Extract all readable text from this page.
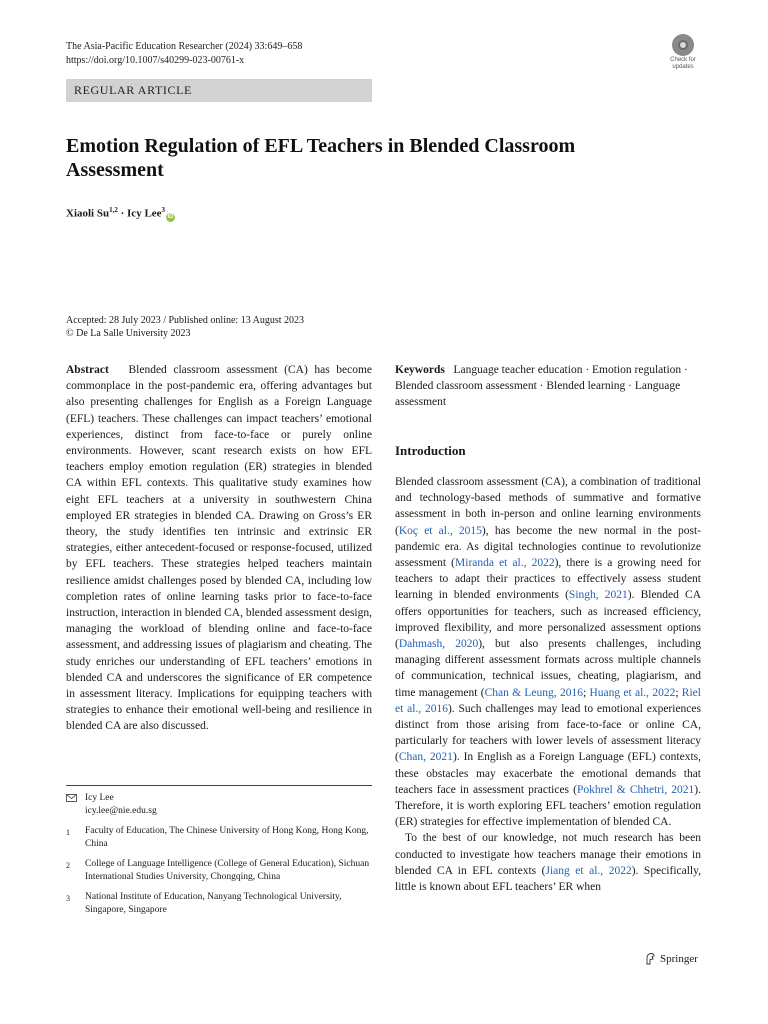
The Asia-Pacific Education Researcher (2024) 33:649–658
https://doi.org/10.1007/s40299-023-00761-x	Check for
updates
REGULAR ARTICLE
Emotion Regulation of EFL Teachers in Blended Classroom Assessment
Xiaoli Su$^{1,2}$ · Icy Lee$^3$iD
Accepted: 28 July 2023 / Published online: 13 August 2023
© De La Salle University 2023
Abstract Blended classroom assessment (CA) has become commonplace in the post-pandemic era, offering advantages but also presenting challenges for English as a Foreign Language (EFL) teachers. These challenges can impact teachers’ emotional experiences, distinct from face-to-face or purely online environments. However, scant research exists on how EFL teachers employ emotion regulation (ER) strategies in blended CA within EFL contexts. This qualitative study examines how eight EFL teachers at a university in southwestern China employed ER strategies in blended CA. Drawing on Gross’s ER theory, the study identifies ten intrinsic and extrinsic ER strategies, either antecedent-focused or response-focused, utilized by EFL teachers. These strategies helped teachers maintain resilience amidst challenges posed by blended CA, including low completion rates of online learning tasks prior to face-to-face instruction, interaction in blended CA, blended assessment design, managing the workload of blending online and face-to-face assessment, and addressing issues of plagiarism and cheating. The study enriches our understanding of EFL teachers’ emotions in blended CA and underscores the significance of ER competence in assessment literacy. Implications for equipping teachers with strategies to enhance their emotional well-being and resilience in blended CA are also discussed.
Keywords Language teacher education · Emotion regulation · Blended classroom assessment · Blended learning · Language assessment
Introduction

Blended classroom assessment (CA), a combination of traditional and technology-based methods of summative and formative assessment in both in-person and online learning environments (Koç et al., 2015), has become the new normal in the post-pandemic era. As digital technologies continue to revolutionize assessment (Miranda et al., 2022), there is a growing need for teachers to adapt their practices to effectively assess student learning in blended environments (Singh, 2021). Blended CA offers opportunities for teachers, such as increased efficiency, improved flexibility, and more personalized assessment options (Dahmash, 2020), but also presents challenges, including managing different assessment formats across multiple channels of communication, technical issues, cheating, plagiarism, and time management (Chan & Leung, 2016; Huang et al., 2022; Riel et al., 2016). Such challenges may lead to emotional experiences distinct from those arising from face-to-face or online CA, particularly for teachers with lower levels of assessment literacy (Chan, 2021). In English as a Foreign Language (EFL) contexts, these obstacles may exacerbate the emotional demands that teachers face in assessment practices (Pokhrel & Chhetri, 2021). Therefore, it is worth exploring EFL teachers’ emotion regulation (ER) strategies for effective implementation of blended CA.

To the best of our knowledge, not much research has been conducted to investigate how teachers manage their emotions in blended CA in EFL contexts (Jiang et al., 2022). Specifically, little is known about EFL teachers’ ER when

Icy Lee
icy.lee@nie.edu.sg
1	Faculty of Education, The Chinese University of Hong Kong, Hong Kong, China
2	College of Language Intelligence (College of General Education), Sichuan International Studies University, Chongqing, China
3	National Institute of Education, Nanyang Technological University, Singapore, Singapore
Springer
